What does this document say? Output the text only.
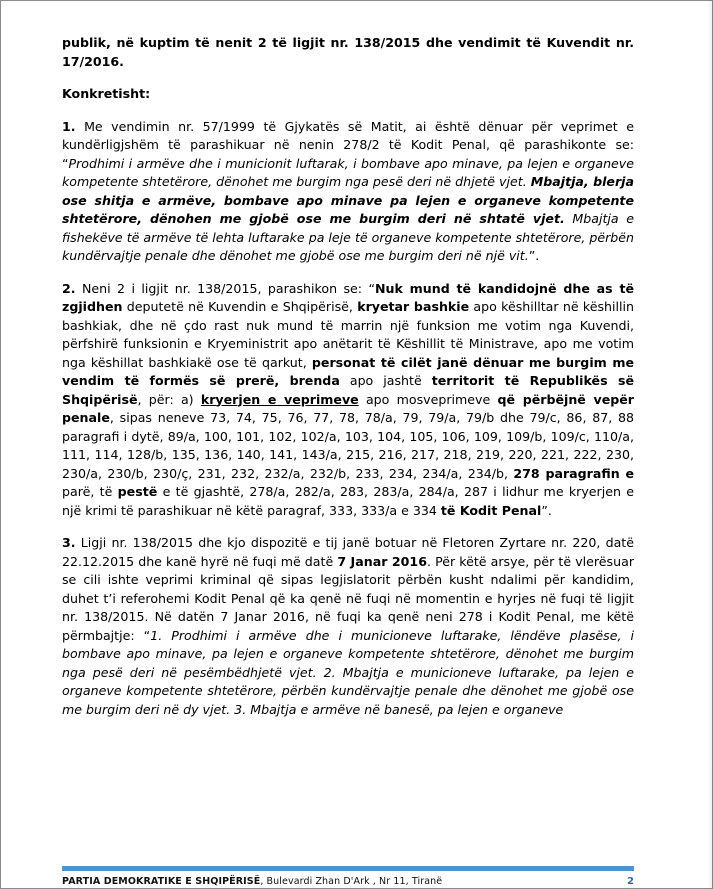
publik, në kuptim të nenit 2 të ligjit nr. 138/2015 dhe vendimit të Kuvendit nr. 17/2016.

Konkretisht:

1. Me vendimin nr. 57/1999 të Gjykatës së Matit, ai është dënuar për veprimet e kundërligjshëm të parashikuar në nenin 278/2 të Kodit Penal, që parashikonte se: “Prodhimi i armëve dhe i municionit luftarak, i bombave apo minave, pa lejen e organeve kompetente shtetërore, dënohet me burgim nga pesë deri në dhjetë vjet. Mbajtja, blerja ose shitja e armëve, bombave apo minave pa lejen e organeve kompetente shtetërore, dënohen me gjobë ose me burgim deri në shtatë vjet. Mbajtja e fishekëve të armëve të lehta luftarake pa leje të organeve kompetente shtetërore, përbën kundërvajtje penale dhe dënohet me gjobë ose me burgim deri në një vit.”.

2. Neni 2 i ligjit nr. 138/2015, parashikon se: “Nuk mund të kandidojnë dhe as të zgjidhen deputetë në Kuvendin e Shqipërisë, kryetar bashkie apo këshilltar në këshillin bashkiak, dhe në çdo rast nuk mund të marrin një funksion me votim nga Kuvendi, përfshirë funksionin e Kryeministrit apo anëtarit të Këshillit të Ministrave, apo me votim nga këshillat bashkiakë ose të qarkut, personat të cilët janë dënuar me burgim me vendim të formës së prerë, brenda apo jashtë territorit të Republikës së Shqipërisë, për: a) kryerjen e veprimeve apo mosveprimeve që përbëjnë vepër penale, sipas neneve 73, 74, 75, 76, 77, 78, 78/a, 79, 79/a, 79/b dhe 79/c, 86, 87, 88 paragrafi i dytë, 89/a, 100, 101, 102, 102/a, 103, 104, 105, 106, 109, 109/b, 109/c, 110/a, 111, 114, 128/b, 135, 136, 140, 141, 143/a, 215, 216, 217, 218, 219, 220, 221, 222, 230, 230/a, 230/b, 230/ç, 231, 232, 232/a, 232/b, 233, 234, 234/a, 234/b, 278 paragrafin e parë, të pestë e të gjashtë, 278/a, 282/a, 283, 283/a, 284/a, 287 i lidhur me kryerjen e një krimi të parashikuar në këtë paragraf, 333, 333/a e 334 të Kodit Penal”.

3. Ligji nr. 138/2015 dhe kjo dispozitë e tij janë botuar në Fletoren Zyrtare nr. 220, datë 22.12.2015 dhe kanë hyrë në fuqi më datë 7 Janar 2016. Për këtë arsye, për të vlerësuar se cili ishte veprimi kriminal që sipas legjislatorit përbën kusht ndalimi për kandidim, duhet t’i referohemi Kodit Penal që ka qenë në fuqi në momentin e hyrjes në fuqi të ligjit nr. 138/2015. Në datën 7 Janar 2016, në fuqi ka qenë neni 278 i Kodit Penal, me këtë përmbajtje: “1. Prodhimi i armëve dhe i municioneve luftarake, lëndëve plasëse, i bombave apo minave, pa lejen e organeve kompetente shtetërore, dënohet me burgim nga pesë deri në pesëmbëdhjetë vjet. 2. Mbajtja e municioneve luftarake, pa lejen e organeve kompetente shtetërore, përbën kundërvajtje penale dhe dënohet me gjobë ose me burgim deri në dy vjet. 3. Mbajtja e armëve në banesë, pa lejen e organeve

PARTIA DEMOKRATIKE E SHQIPËRISË, Bulevardi Zhan D'Ark , Nr 11, Tiranë	2
